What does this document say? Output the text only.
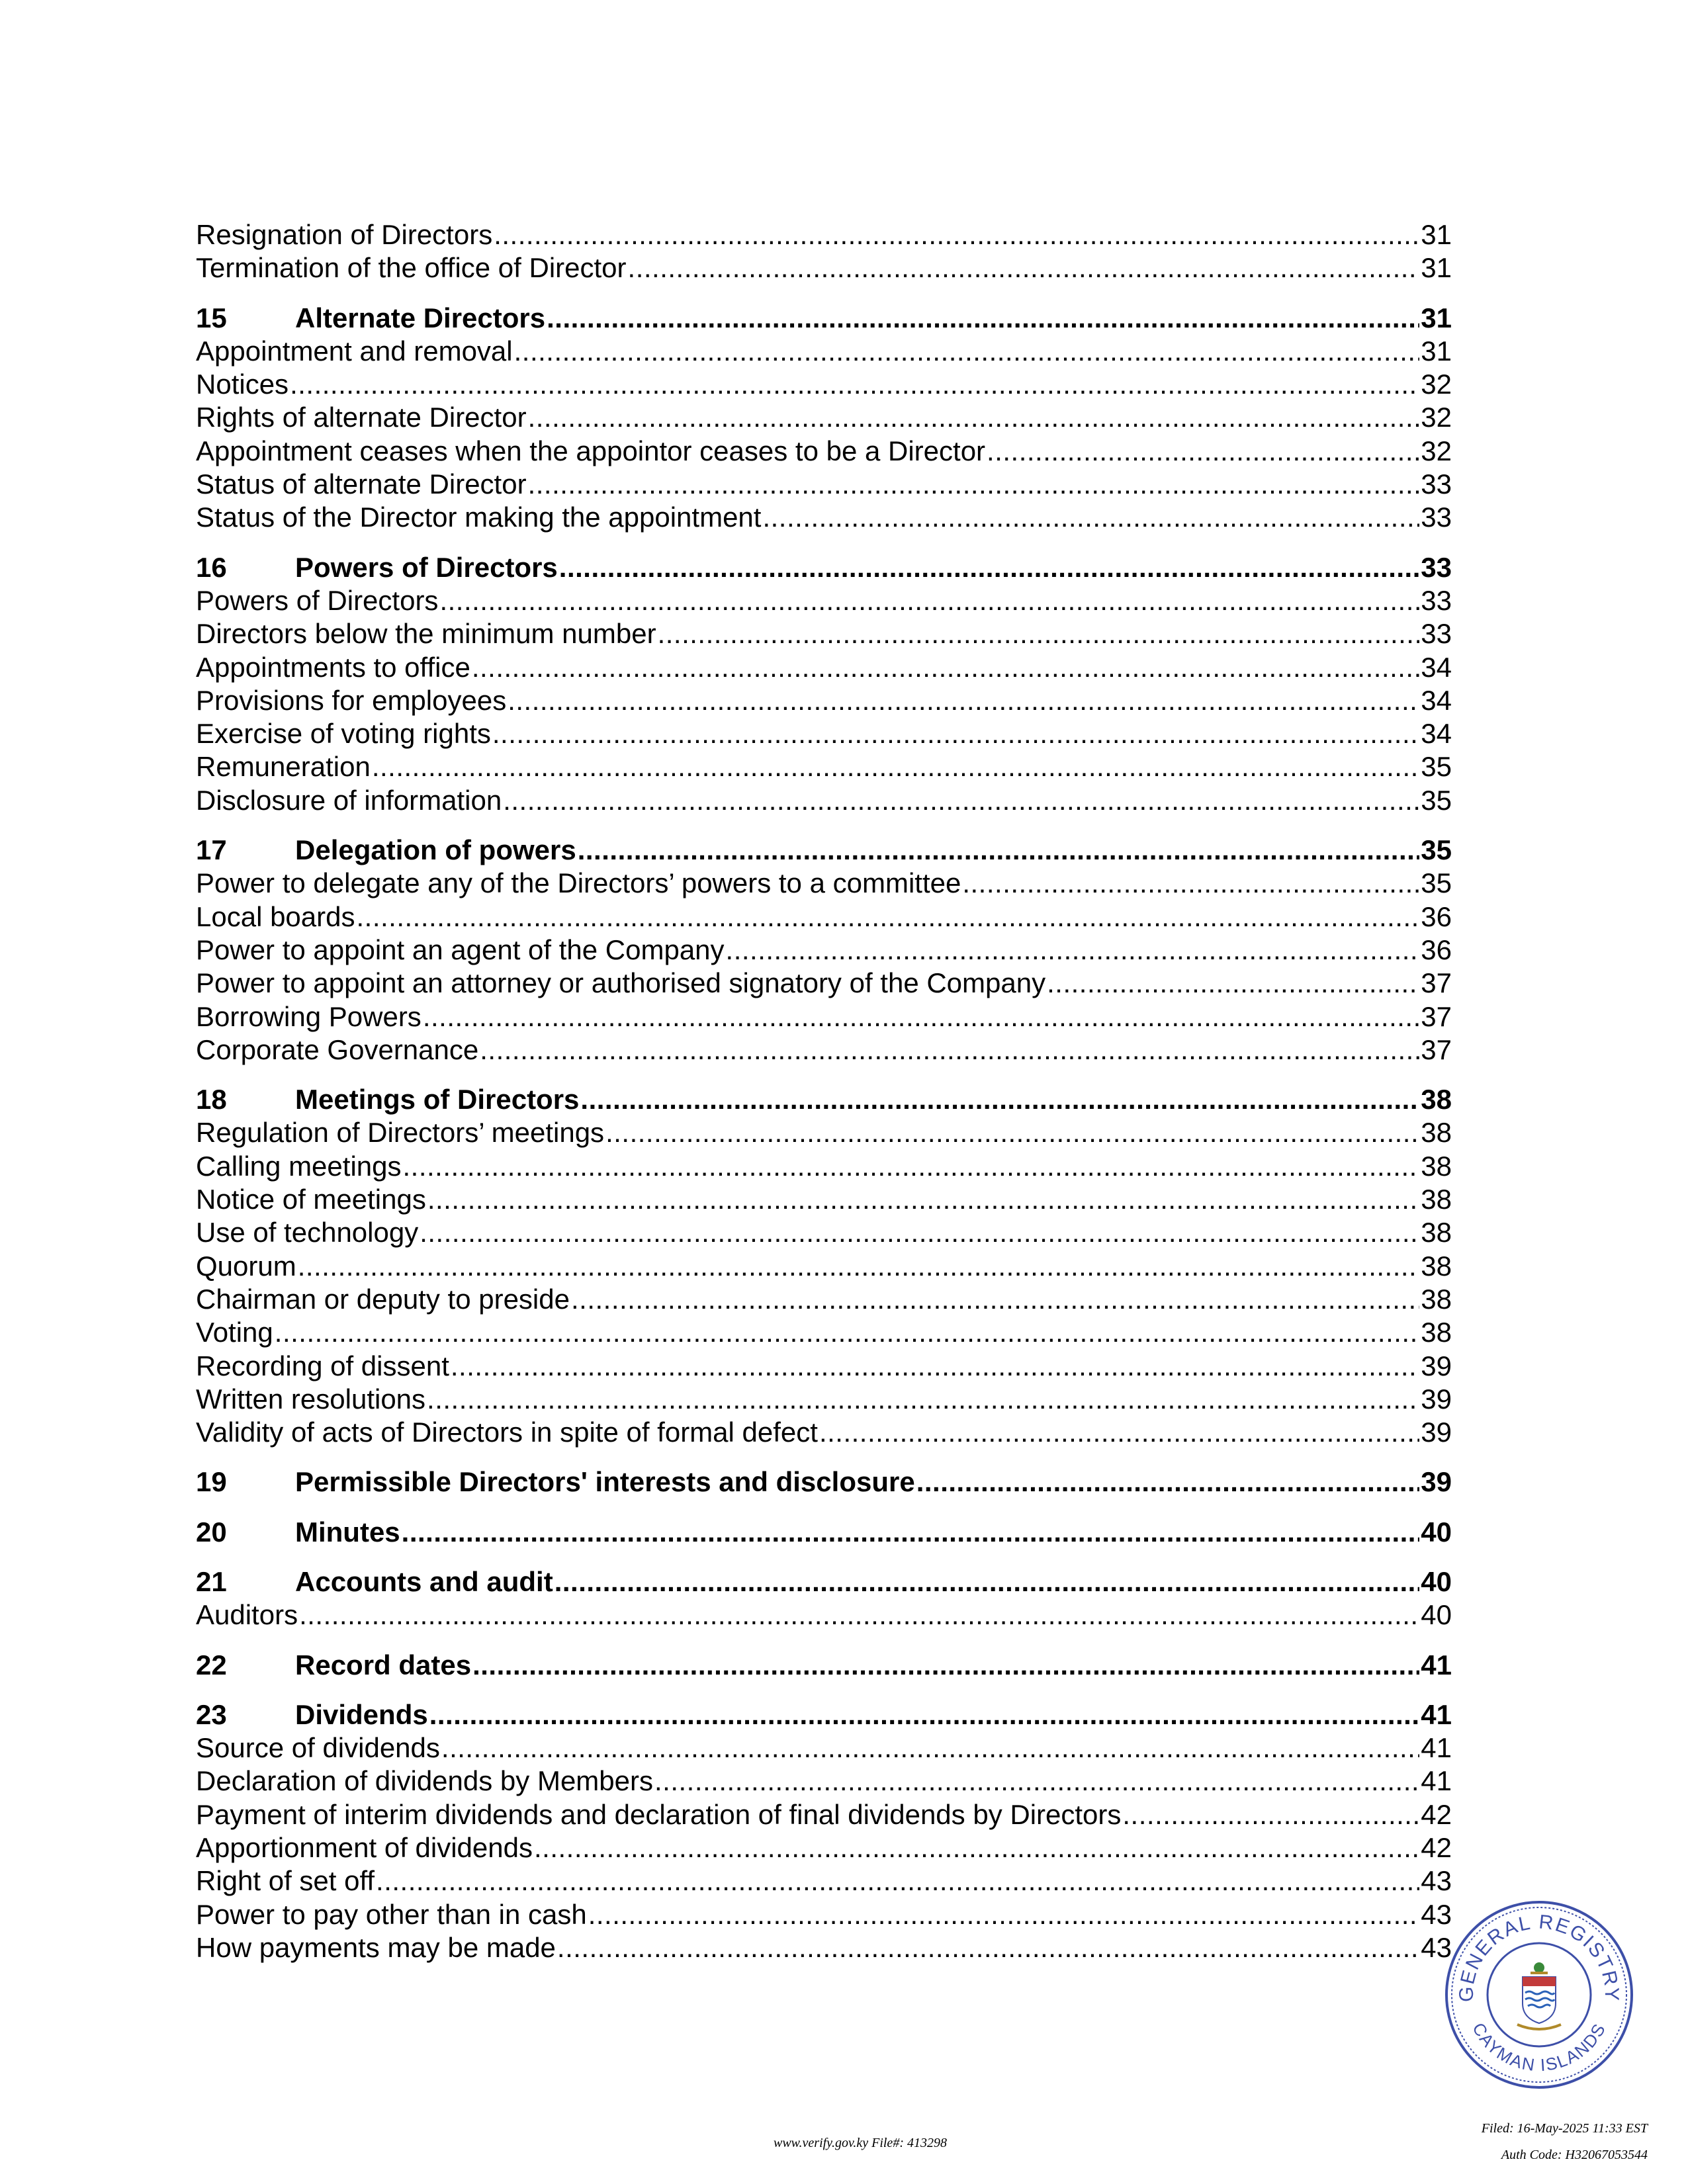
Resignation of Directors .....	31
Termination of the office of Director .....	31
15	Alternate Directors .....	31
Appointment and removal .....	31
Notices .....	32
Rights of alternate Director .....	32
Appointment ceases when the appointor ceases to be a Director .....	32
Status of alternate Director .....	33
Status of the Director making the appointment .....	33
16	Powers of Directors .....	33
Powers of Directors .....	33
Directors below the minimum number .....	33
Appointments to office .....	34
Provisions for employees .....	34
Exercise of voting rights .....	34
Remuneration .....	35
Disclosure of information .....	35
17	Delegation of powers .....	35
Power to delegate any of the Directors’ powers to a committee .....	35
Local boards .....	36
Power to appoint an agent of the Company .....	36
Power to appoint an attorney or authorised signatory of the Company .....	37
Borrowing Powers .....	37
Corporate Governance .....	37
18	Meetings of Directors .....	38
Regulation of Directors’ meetings .....	38
Calling meetings .....	38
Notice of meetings .....	38
Use of technology .....	38
Quorum .....	38
Chairman or deputy to preside .....	38
Voting .....	38
Recording of dissent .....	39
Written resolutions .....	39
Validity of acts of Directors in spite of formal defect .....	39
19	Permissible Directors' interests and disclosure .....	39
20	Minutes .....	40
21	Accounts and audit .....	40
Auditors .....	40
22	Record dates .....	41
23	Dividends .....	41
Source of dividends .....	41
Declaration of dividends by Members .....	41
Payment of interim dividends and declaration of final dividends by Directors .....	42
Apportionment of dividends .....	42
Right of set off .....	43
Power to pay other than in cash .....	43
How payments may be made .....	43
GENERAL REGISTRY
CAYMAN ISLANDS
www.verify.gov.ky File#: 413298
Filed: 16-May-2025 11:33 EST
Auth Code: H32067053544
